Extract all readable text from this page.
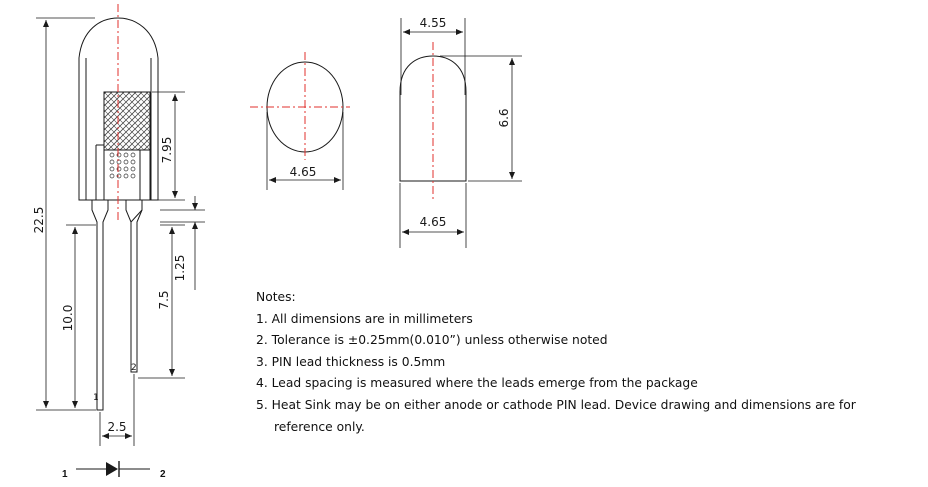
22.5
10.0
7.95
1.25
7.5
2.5
1
2
1	2
4.65
4.55
6.6
4.65
Notes:
1. All dimensions are in millimeters
2. Tolerance is ±0.25mm(0.010”) unless otherwise noted
3. PIN lead thickness is 0.5mm
4. Lead spacing is measured where the leads emerge from the package
5. Heat Sink may be on either anode or cathode PIN lead. Device drawing and dimensions are for reference only.
